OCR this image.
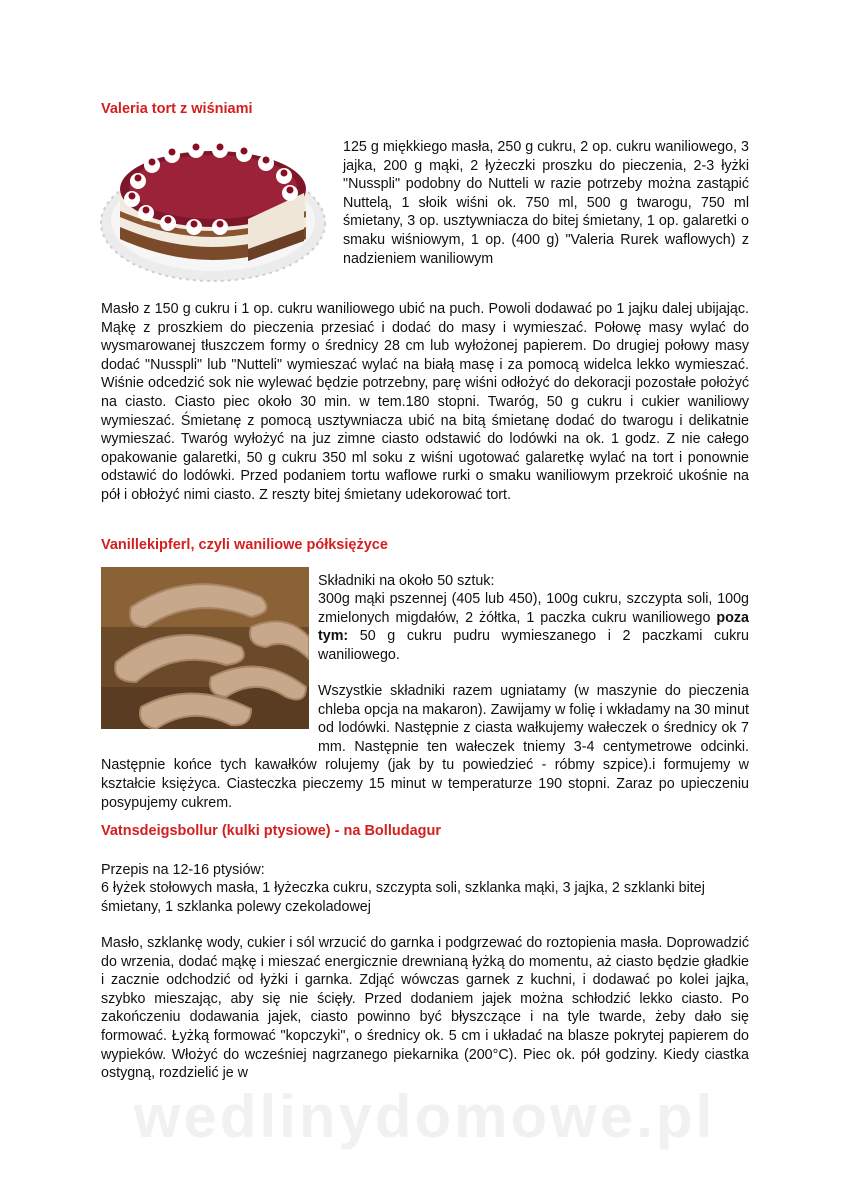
Valeria tort z wiśniami
125 g miękkiego masła, 250 g cukru, 2 op. cukru waniliowego, 3 jajka, 200 g mąki, 2 łyżeczki proszku do pieczenia, 2-3 łyżki "Nusspli" podobny do Nutteli w razie potrzeby można zastąpić Nuttelą, 1 słoik wiśni ok. 750 ml, 500 g twarogu, 750 ml śmietany, 3 op. usztywniacza do bitej śmietany, 1 op. galaretki o smaku wiśniowym, 1 op. (400 g) "Valeria Rurek waflowych) z nadzieniem waniliowym
Masło z 150 g cukru i 1 op. cukru waniliowego ubić na puch. Powoli dodawać po 1 jajku dalej ubijając. Mąkę z proszkiem do pieczenia przesiać i dodać do masy i wymieszać. Połowę masy wylać do wysmarowanej tłuszczem formy o średnicy 28 cm lub wyłożonej papierem. Do drugiej połowy masy dodać "Nusspli" lub "Nutteli" wymieszać wylać na białą masę i za pomocą widelca lekko wymieszać. Wiśnie odcedzić sok nie wylewać będzie potrzebny, parę wiśni odłożyć do dekoracji pozostałe położyć na ciasto. Ciasto piec około 30 min. w tem.180 stopni. Twaróg, 50 g cukru i cukier waniliowy wymieszać. Śmietanę z pomocą usztywniacza ubić na bitą śmietanę dodać do twarogu i delikatnie wymieszać. Twaróg wyłożyć na juz zimne ciasto odstawić do lodówki na ok. 1 godz. Z nie całego opakowanie galaretki, 50 g cukru 350 ml soku z wiśni ugotować galaretkę wylać na tort i ponownie odstawić do lodówki. Przed podaniem tortu waflowe rurki o smaku waniliowym przekroić ukośnie na pół i obłożyć nimi ciasto. Z reszty bitej śmietany udekorować tort.
Vanillekipferl, czyli waniliowe półksiężyce
Składniki na około 50 sztuk:
300g mąki pszennej (405 lub 450), 100g cukru, szczypta soli, 100g zmielonych migdałów, 2 żółtka, 1 paczka cukru waniliowego poza tym: 50 g cukru pudru wymieszanego i 2 paczkami cukru waniliowego.
Wszystkie składniki razem ugniatamy (w maszynie do pieczenia chleba opcja na makaron). Zawijamy w folię i wkładamy na 30 minut od lodówki. Następnie z ciasta wałkujemy wałeczek o średnicy ok 7 mm. Następnie ten wałeczek tniemy 3-4 centymetrowe odcinki. Następnie końce tych kawałków rolujemy (jak by tu powiedzieć - róbmy szpice).i formujemy w kształcie księżyca. Ciasteczka pieczemy 15 minut w temperaturze 190 stopni. Zaraz po upieczeniu posypujemy cukrem.
Vatnsdeigsbollur (kulki ptysiowe) - na Bolludagur
Przepis na 12-16 ptysiów:
6 łyżek stołowych masła, 1 łyżeczka cukru, szczypta soli, szklanka mąki, 3 jajka, 2 szklanki bitej śmietany, 1 szklanka polewy czekoladowej
Masło, szklankę wody, cukier i sól wrzucić do garnka i podgrzewać do roztopienia masła. Doprowadzić do wrzenia, dodać mąkę i mieszać energicznie drewnianą łyżką do momentu, aż ciasto będzie gładkie i zacznie odchodzić od łyżki i garnka. Zdjąć wówczas garnek z kuchni, i dodawać po kolei jajka, szybko mieszając, aby się nie ścięły. Przed dodaniem jajek można schłodzić lekko ciasto. Po zakończeniu dodawania jajek, ciasto powinno być błyszczące i na tyle twarde, żeby dało się formować. Łyżką formować "kopczyki", o średnicy ok. 5 cm i układać na blasze pokrytej papierem do wypieków. Włożyć do wcześniej nagrzanego piekarnika (200°C). Piec ok. pół godziny. Kiedy ciastka ostygną, rozdzielić je w
wedlinydomowe.pl
